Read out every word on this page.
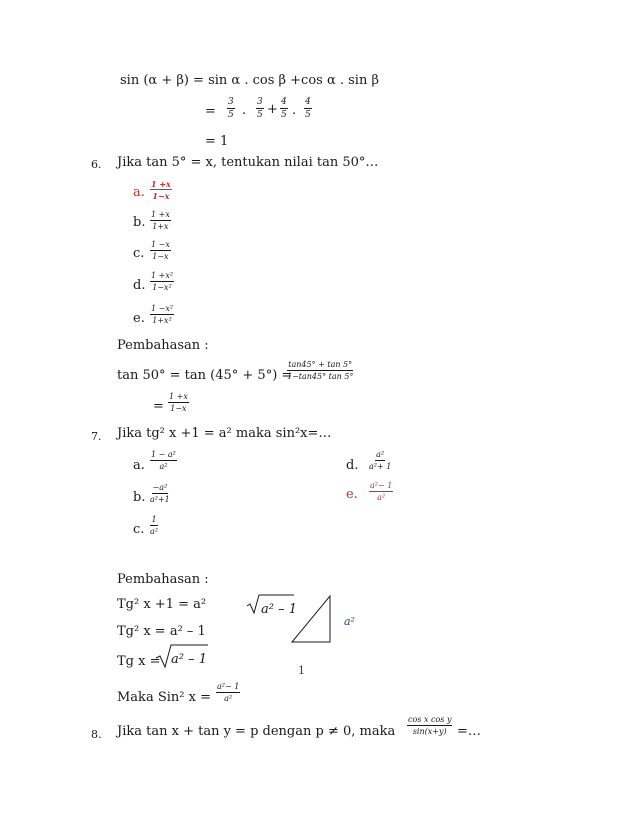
sin (α + β) = sin α . cos β +cos α . sin β
= $\frac{3}{5}$ . $\frac{3}{5} + \frac{4}{5}$ . $\frac{4}{5}$
= 1
6. Jika tan 5° = x, tentukan nilai tan 50°…
a. $\frac{1 +x}{1-x}$
b. $\frac{1 +x}{1+x}$
c. $\frac{1 -x}{1-x}$
d. $\frac{\text{1 +x²}}{\text{1−x²}}$
e. $\frac{\text{1 −x²}}{\text{1+x²}}$
Pembahasan :
tan 50° = tan (45° + 5°) =
$\frac{\tan 45^\circ + \tan 5^\circ}{1-\tan 45^\circ \tan 5^\circ}$
= $\frac{1 +x}{1-x}$
7. Jika tg² x +1 = a² maka sin²x=…
a. $\frac{\text{1 − a²}}{\text{a²}}$
b. $\frac{\text{−a²}}{\text{a²+1}}$
c. $\frac{1}{\text{a²}}$
d. $\frac{\text{a²}}{\text{a²+ 1}}$
e. $\frac{\text{a²− 1}}{\text{a²}}$
Pembahasan :
Tg² x +1 = a²
Tg² x = a² – 1
Tg x = a² – 1
a² – 1
a²
1
Maka Sin² $x = \frac{\text{a²− 1}}{\text{a²}}$
8. Jika tan x + tan y = p dengan p ≠ 0, maka $\frac{\text{cos x cos y}}{\sin(x+y)}$ =…
